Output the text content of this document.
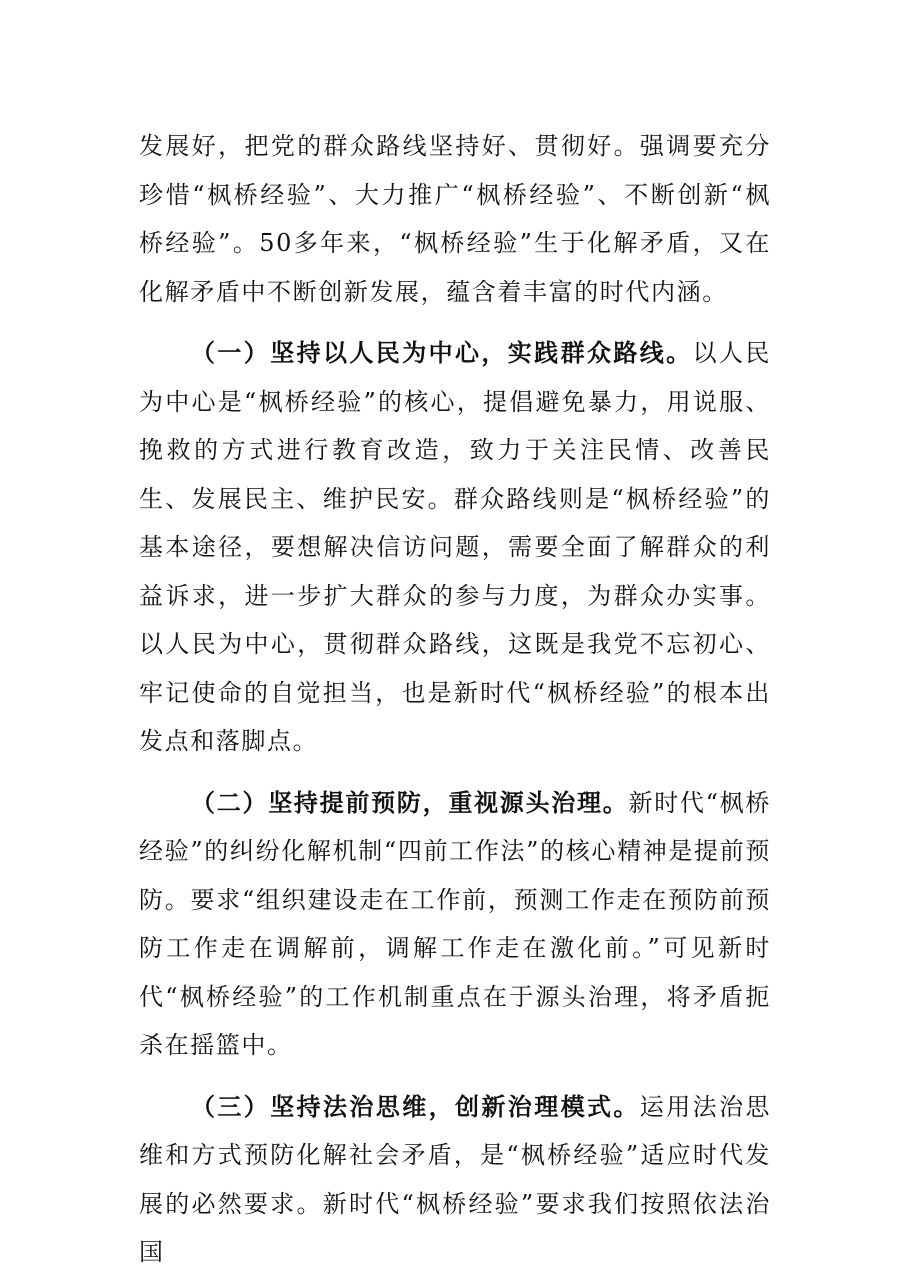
发展好，把党的群众路线坚持好、贯彻好。强调要充分珍惜“枫桥经验”、大力推广“枫桥经验”、不断创新“枫桥经验”。50多年来，“枫桥经验”生于化解矛盾，又在化解矛盾中不断创新发展，蕴含着丰富的时代内涵。

（一）坚持以人民为中心，实践群众路线。以人民为中心是“枫桥经验”的核心，提倡避免暴力，用说服、挽救的方式进行教育改造，致力于关注民情、改善民生、发展民主、维护民安。群众路线则是“枫桥经验”的基本途径，要想解决信访问题，需要全面了解群众的利益诉求，进一步扩大群众的参与力度，为群众办实事。以人民为中心，贯彻群众路线，这既是我党不忘初心、牢记使命的自觉担当，也是新时代“枫桥经验”的根本出发点和落脚点。

（二）坚持提前预防，重视源头治理。新时代“枫桥经验”的纠纷化解机制“四前工作法”的核心精神是提前预防。要求“组织建设走在工作前，预测工作走在预防前预防工作走在调解前，调解工作走在激化前。”可见新时代“枫桥经验”的工作机制重点在于源头治理，将矛盾扼杀在摇篮中。

（三）坚持法治思维，创新治理模式。运用法治思维和方式预防化解社会矛盾，是“枫桥经验”适应时代发展的必然要求。新时代“枫桥经验”要求我们按照依法治国
